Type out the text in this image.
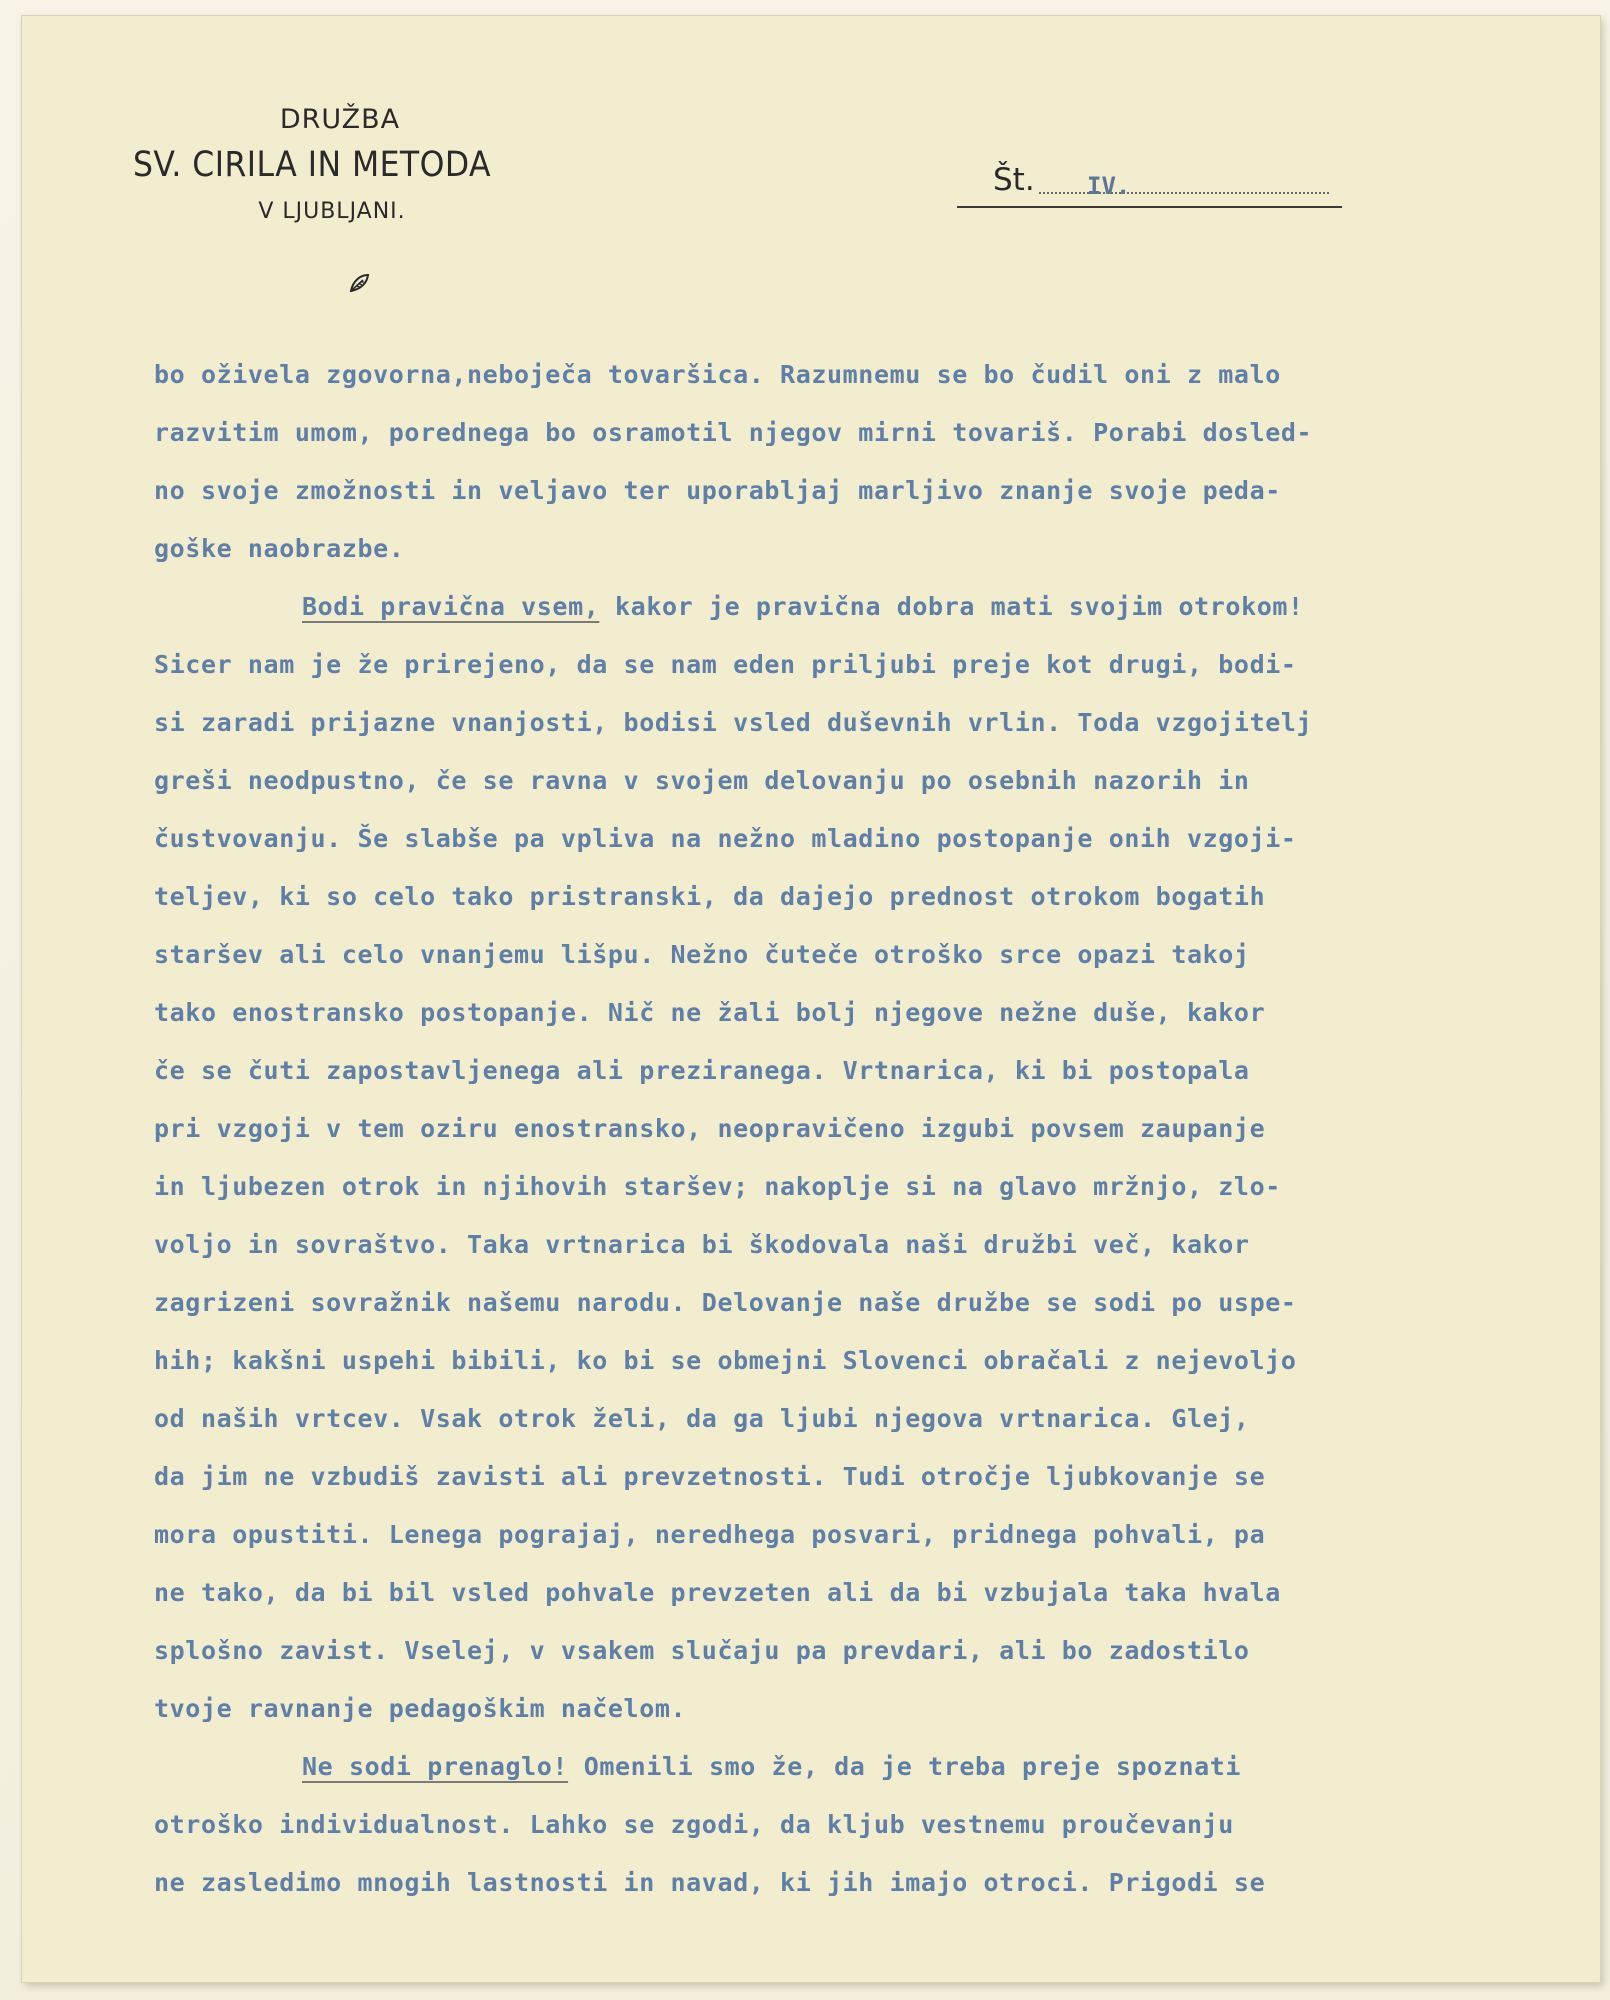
DRUŽBA
SV. CIRILA IN METODA
V LJUBLJANI.
Št. IV.
bo oživela zgovorna,neboječa tovaršica. Razumnemu se bo čudil oni z malo
razvitim umom, porednega bo osramotil njegov mirni tovariš. Porabi dosled-
no svoje zmožnosti in veljavo ter uporabljaj marljivo znanje svoje peda-
goške naobrazbe.
Bodi pravična vsem, kakor je pravična dobra mati svojim otrokom!
Sicer nam je že prirejeno, da se nam eden priljubi preje kot drugi, bodi-
si zaradi prijazne vnanjosti, bodisi vsled duševnih vrlin. Toda vzgojitelj
greši neodpustno, če se ravna v svojem delovanju po osebnih nazorih in
čustvovanju. Še slabše pa vpliva na nežno mladino postopanje onih vzgoji-
teljev, ki so celo tako pristranski, da dajejo prednost otrokom bogatih
staršev ali celo vnanjemu lišpu. Nežno čuteče otroško srce opazi takoj
tako enostransko postopanje. Nič ne žali bolj njegove nežne duše, kakor
če se čuti zapostavljenega ali preziranega. Vrtnarica, ki bi postopala
pri vzgoji v tem oziru enostransko, neopravičeno izgubi povsem zaupanje
in ljubezen otrok in njihovih staršev; nakoplje si na glavo mržnjo, zlo-
voljo in sovraštvo. Taka vrtnarica bi škodovala naši družbi več, kakor
zagrizeni sovražnik našemu narodu. Delovanje naše družbe se sodi po uspe-
hih; kakšni uspehi bibili, ko bi se obmejni Slovenci obračali z nejevoljo
od naših vrtcev. Vsak otrok želi, da ga ljubi njegova vrtnarica. Glej,
da jim ne vzbudiš zavisti ali prevzetnosti. Tudi otročje ljubkovanje se
mora opustiti. Lenega pograjaj, neredhega posvari, pridnega pohvali, pa
ne tako, da bi bil vsled pohvale prevzeten ali da bi vzbujala taka hvala
splošno zavist. Vselej, v vsakem slučaju pa prevdari, ali bo zadostilo
tvoje ravnanje pedagoškim načelom.
Ne sodi prenaglo! Omenili smo že, da je treba preje spoznati
otroško individualnost. Lahko se zgodi, da kljub vestnemu proučevanju
ne zasledimo mnogih lastnosti in navad, ki jih imajo otroci. Prigodi se
